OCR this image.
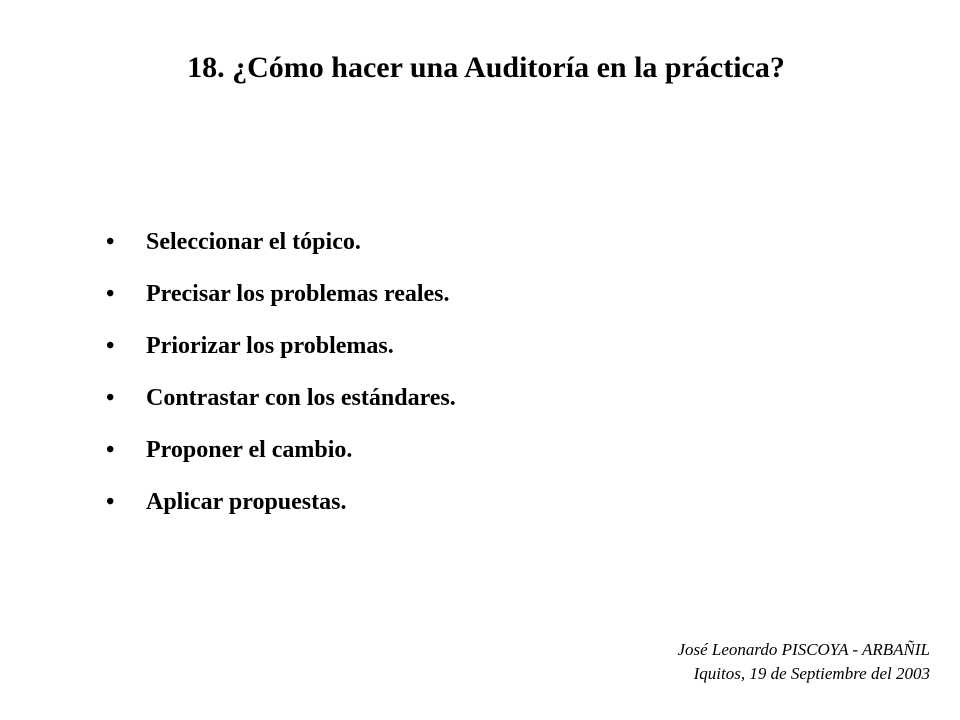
18. ¿Cómo hacer una Auditoría en la práctica?
•	Seleccionar el tópico.
•	Precisar los problemas reales.
•	Priorizar los problemas.
•	Contrastar con los estándares.
•	Proponer el cambio.
•	Aplicar propuestas.
José Leonardo PISCOYA - ARBAÑIL
Iquitos, 19 de Septiembre del 2003
